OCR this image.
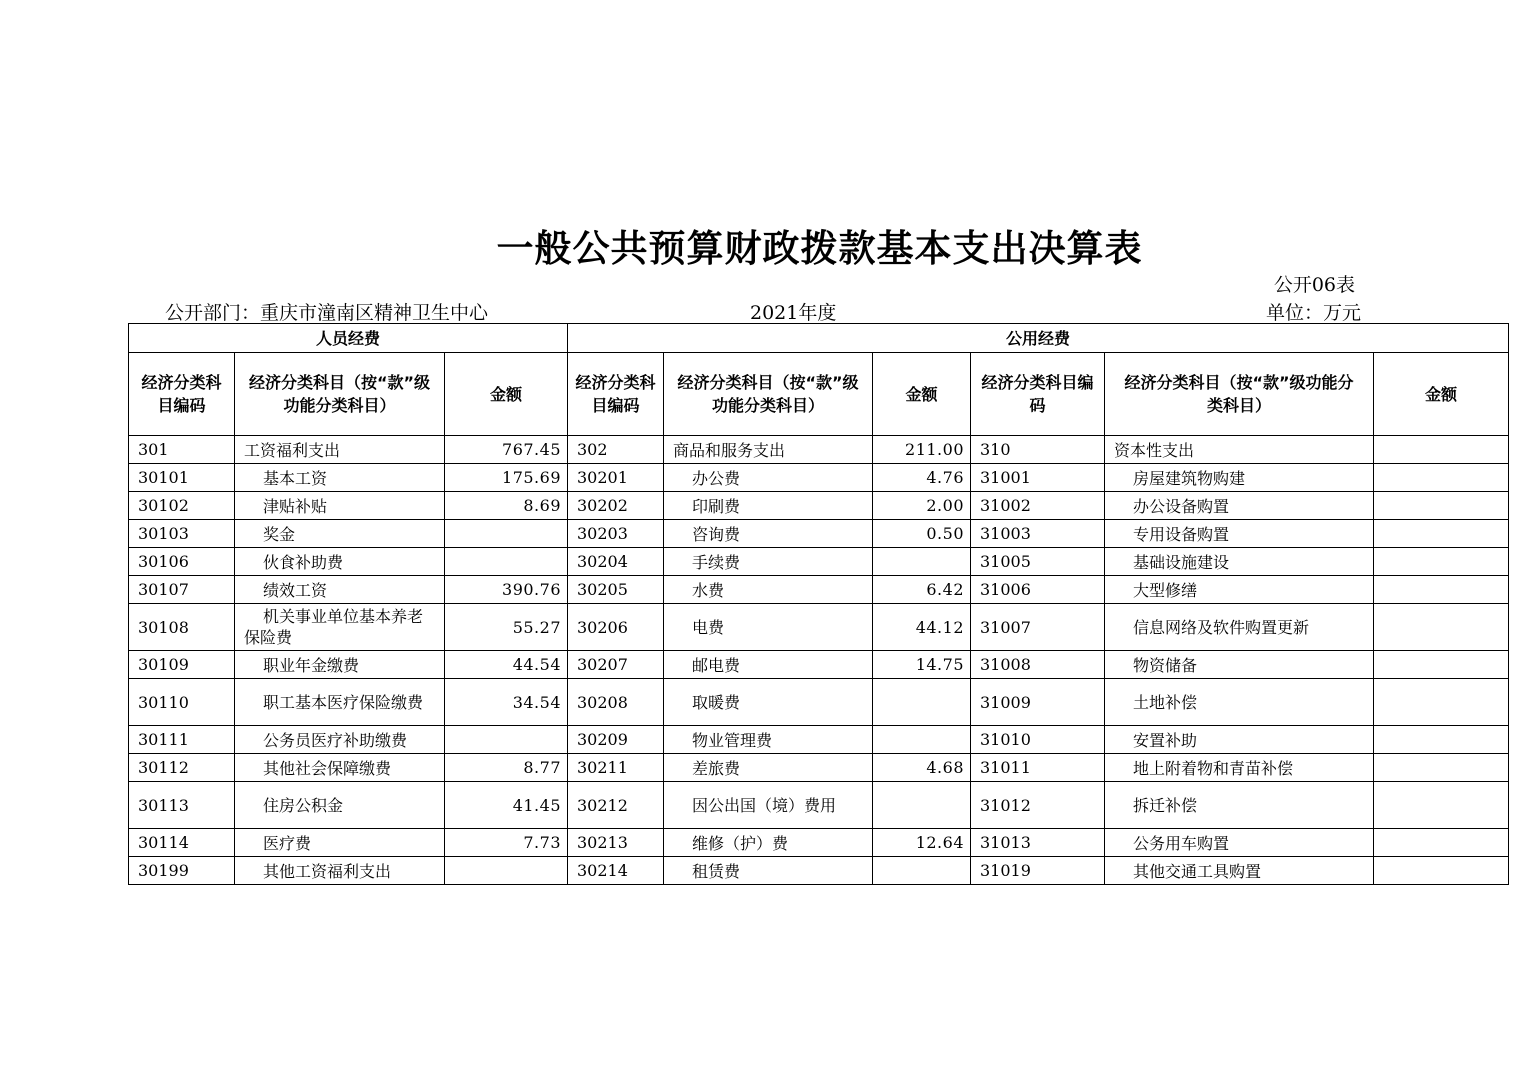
一般公共预算财政拨款基本支出决算表
公开06表
公开部门：重庆市潼南区精神卫生中心	2021年度	单位：万元
人员经费			公用经费					
经济分类科目编码	经济分类科目（按“款”级功能分类科目）	金额	经济分类科目编码	经济分类科目（按“款”级功能分类科目）	金额	经济分类科目编码	经济分类科目（按“款”级功能分类科目）	金额
301	工资福利支出	767.45	302	商品和服务支出	211.00	310	资本性支出	
30101	基本工资	175.69	30201	办公费	4.76	31001	房屋建筑物购建	
30102	津贴补贴	8.69	30202	印刷费	2.00	31002	办公设备购置	
30103	奖金		30203	咨询费	0.50	31003	专用设备购置	
30106	伙食补助费		30204	手续费		31005	基础设施建设	
30107	绩效工资	390.76	30205	水费	6.42	31006	大型修缮	
30108	机关事业单位基本养老保险费	55.27	30206	电费	44.12	31007	信息网络及软件购置更新	
30109	职业年金缴费	44.54	30207	邮电费	14.75	31008	物资储备	
30110	职工基本医疗保险缴费	34.54	30208	取暖费		31009	土地补偿	
30111	公务员医疗补助缴费		30209	物业管理费		31010	安置补助	
30112	其他社会保障缴费	8.77	30211	差旅费	4.68	31011	地上附着物和青苗补偿	
30113	住房公积金	41.45	30212	因公出国（境）费用		31012	拆迁补偿	
30114	医疗费	7.73	30213	维修（护）费	12.64	31013	公务用车购置	
30199	其他工资福利支出		30214	租赁费		31019	其他交通工具购置	
